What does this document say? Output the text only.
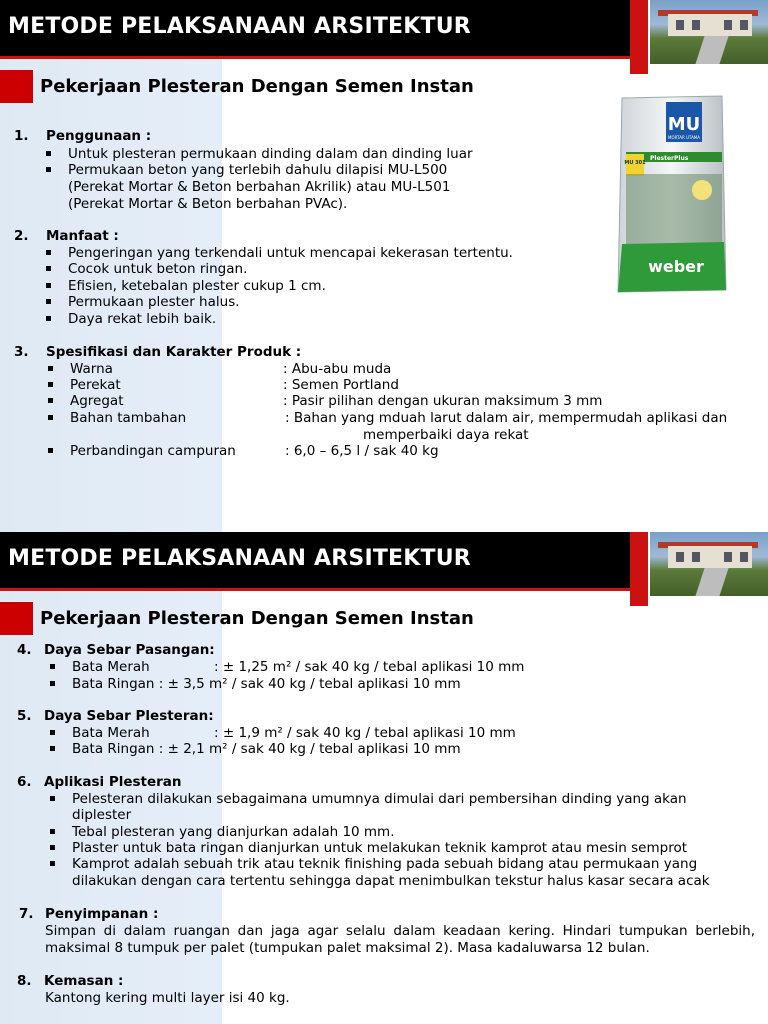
METODE PELAKSANAAN ARSITEKTUR
Pekerjaan Plesteran Dengan Semen Instan
MU
MORTAR UTAMA
MU 301
PlesterPlus
weber
1. Penggunaan :
Untuk plesteran permukaan dinding dalam dan dinding luar
Permukaan beton yang terlebih dahulu dilapisi MU-L500
(Perekat Mortar & Beton berbahan Akrilik) atau MU-L501
(Perekat Mortar & Beton berbahan PVAc).
2. Manfaat :
Pengeringan yang terkendali untuk mencapai kekerasan tertentu.
Cocok untuk beton ringan.
Efisien, ketebalan plester cukup 1 cm.
Permukaan plester halus.
Daya rekat lebih baik.
3. Spesifikasi dan Karakter Produk :
Warna	: Abu-abu muda
Perekat	: Semen Portland
Agregat	: Pasir pilihan dengan ukuran maksimum 3 mm
Bahan tambahan	: Bahan yang mduah larut dalam air, mempermudah aplikasi dan
memperbaiki daya rekat
Perbandingan campuran	: 6,0 – 6,5 l / sak 40 kg
METODE PELAKSANAAN ARSITEKTUR
Pekerjaan Plesteran Dengan Semen Instan
4. Daya Sebar Pasangan:
Bata Merah	: ± 1,25 m² / sak 40 kg / tebal aplikasi 10 mm
Bata Ringan : ± 3,5 m² / sak 40 kg / tebal aplikasi 10 mm
5. Daya Sebar Plesteran:
Bata Merah	: ± 1,9 m² / sak 40 kg / tebal aplikasi 10 mm
Bata Ringan : ± 2,1 m² / sak 40 kg / tebal aplikasi 10 mm
6. Aplikasi Plesteran
Pelesteran dilakukan sebagaimana umumnya dimulai dari pembersihan dinding yang akan
diplester
Tebal plesteran yang dianjurkan adalah 10 mm.
Plaster untuk bata ringan dianjurkan untuk melakukan teknik kamprot atau mesin semprot
Kamprot adalah sebuah trik atau teknik finishing pada sebuah bidang atau permukaan yang
dilakukan dengan cara tertentu sehingga dapat menimbulkan tekstur halus kasar secara acak
7. Penyimpanan :
Simpan di dalam ruangan dan jaga agar selalu dalam keadaan kering. Hindari tumpukan berlebih, maksimal 8 tumpuk per palet (tumpukan palet maksimal 2). Masa kadaluwarsa 12 bulan.
8. Kemasan :
Kantong kering multi layer isi 40 kg.
